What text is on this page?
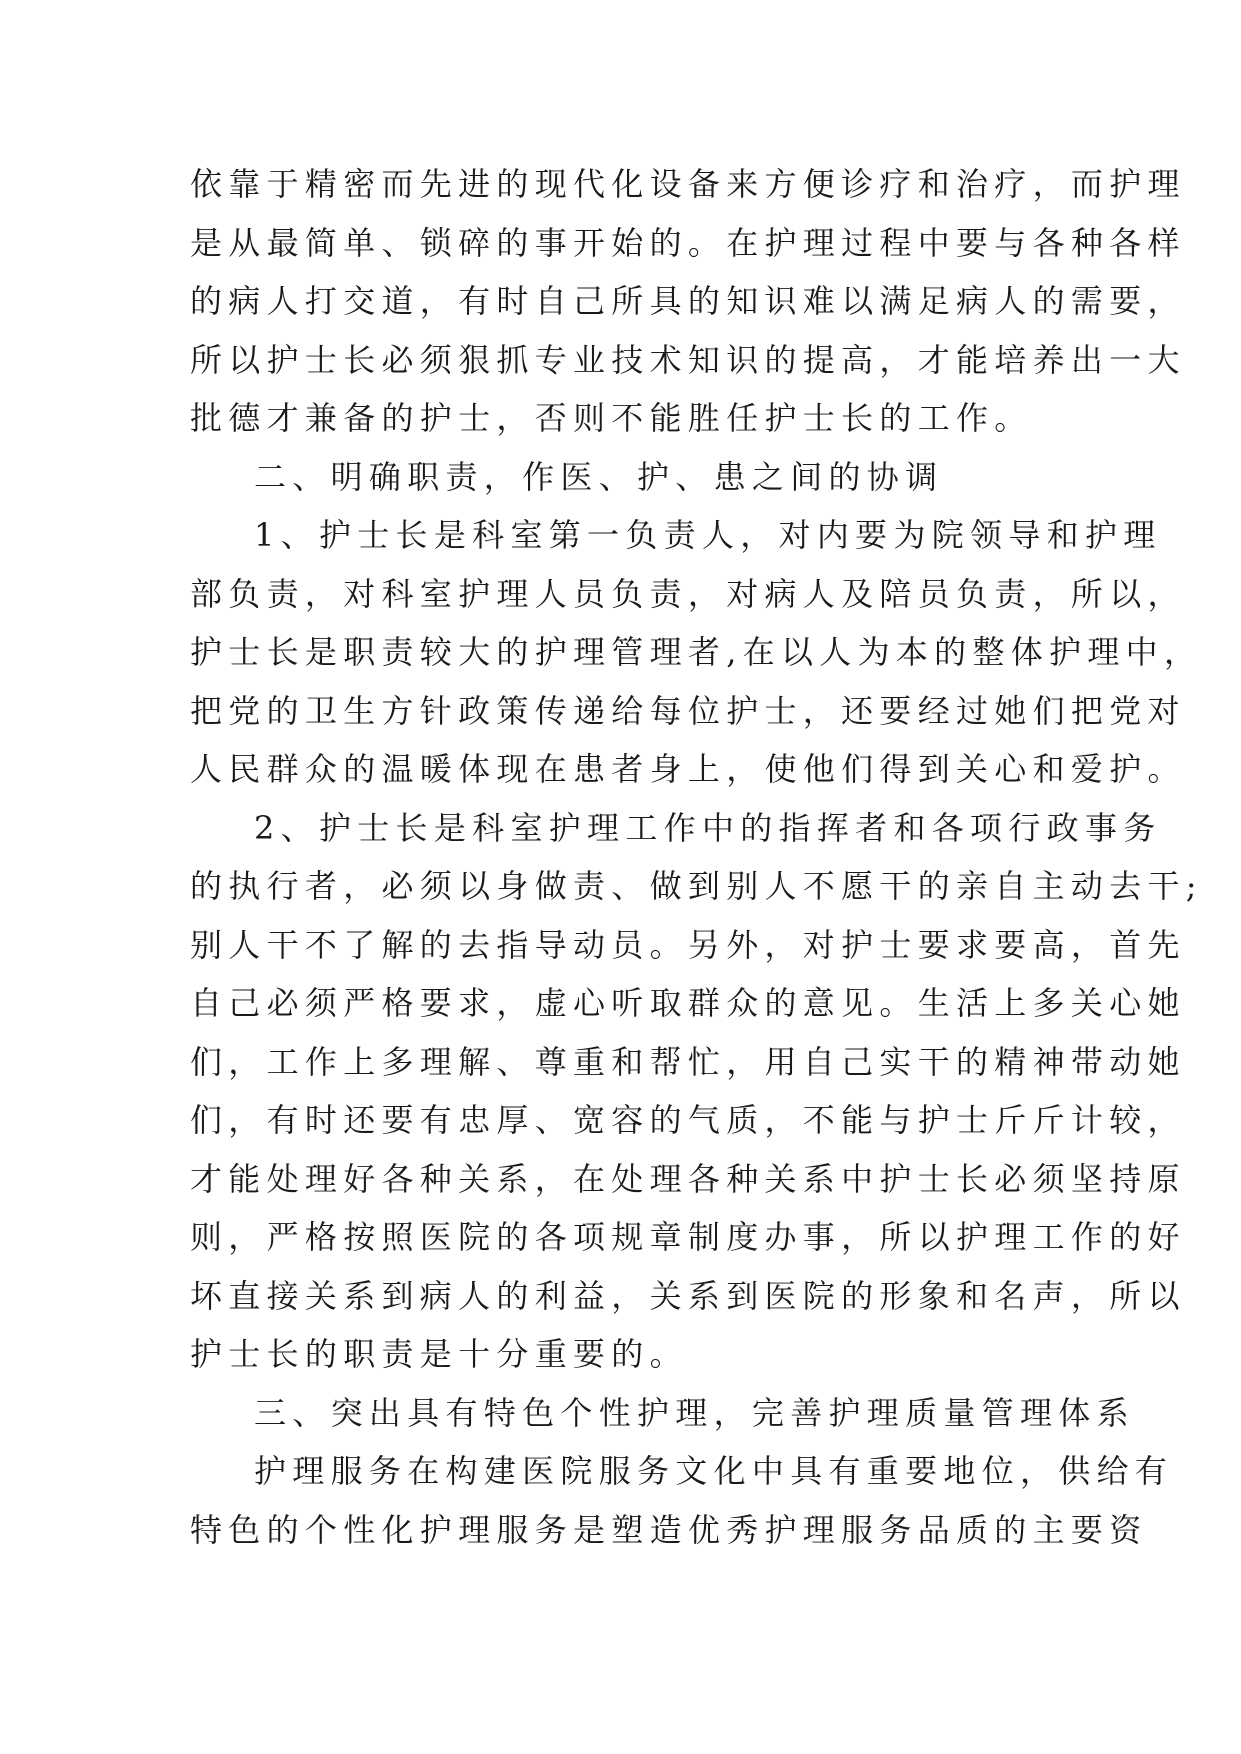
依靠于精密而先进的现代化设备来方便诊疗和治疗，而护理
是从最简单、锁碎的事开始的。在护理过程中要与各种各样
的病人打交道，有时自己所具的知识难以满足病人的需要，
所以护士长必须狠抓专业技术知识的提高，才能培养出一大
批德才兼备的护士，否则不能胜任护士长的工作。
二、明确职责，作医、护、患之间的协调
1、护士长是科室第一负责人，对内要为院领导和护理
部负责，对科室护理人员负责，对病人及陪员负责，所以，
护士长是职责较大的护理管理者,在以人为本的整体护理中，
把党的卫生方针政策传递给每位护士，还要经过她们把党对
人民群众的温暖体现在患者身上，使他们得到关心和爱护。
2、护士长是科室护理工作中的指挥者和各项行政事务
的执行者，必须以身做责、做到别人不愿干的亲自主动去干;
别人干不了解的去指导动员。另外，对护士要求要高，首先
自己必须严格要求，虚心听取群众的意见。生活上多关心她
们，工作上多理解、尊重和帮忙，用自己实干的精神带动她
们，有时还要有忠厚、宽容的气质，不能与护士斤斤计较，
才能处理好各种关系，在处理各种关系中护士长必须坚持原
则，严格按照医院的各项规章制度办事，所以护理工作的好
坏直接关系到病人的利益，关系到医院的形象和名声，所以
护士长的职责是十分重要的。
三、突出具有特色个性护理，完善护理质量管理体系
护理服务在构建医院服务文化中具有重要地位，供给有
特色的个性化护理服务是塑造优秀护理服务品质的主要资
